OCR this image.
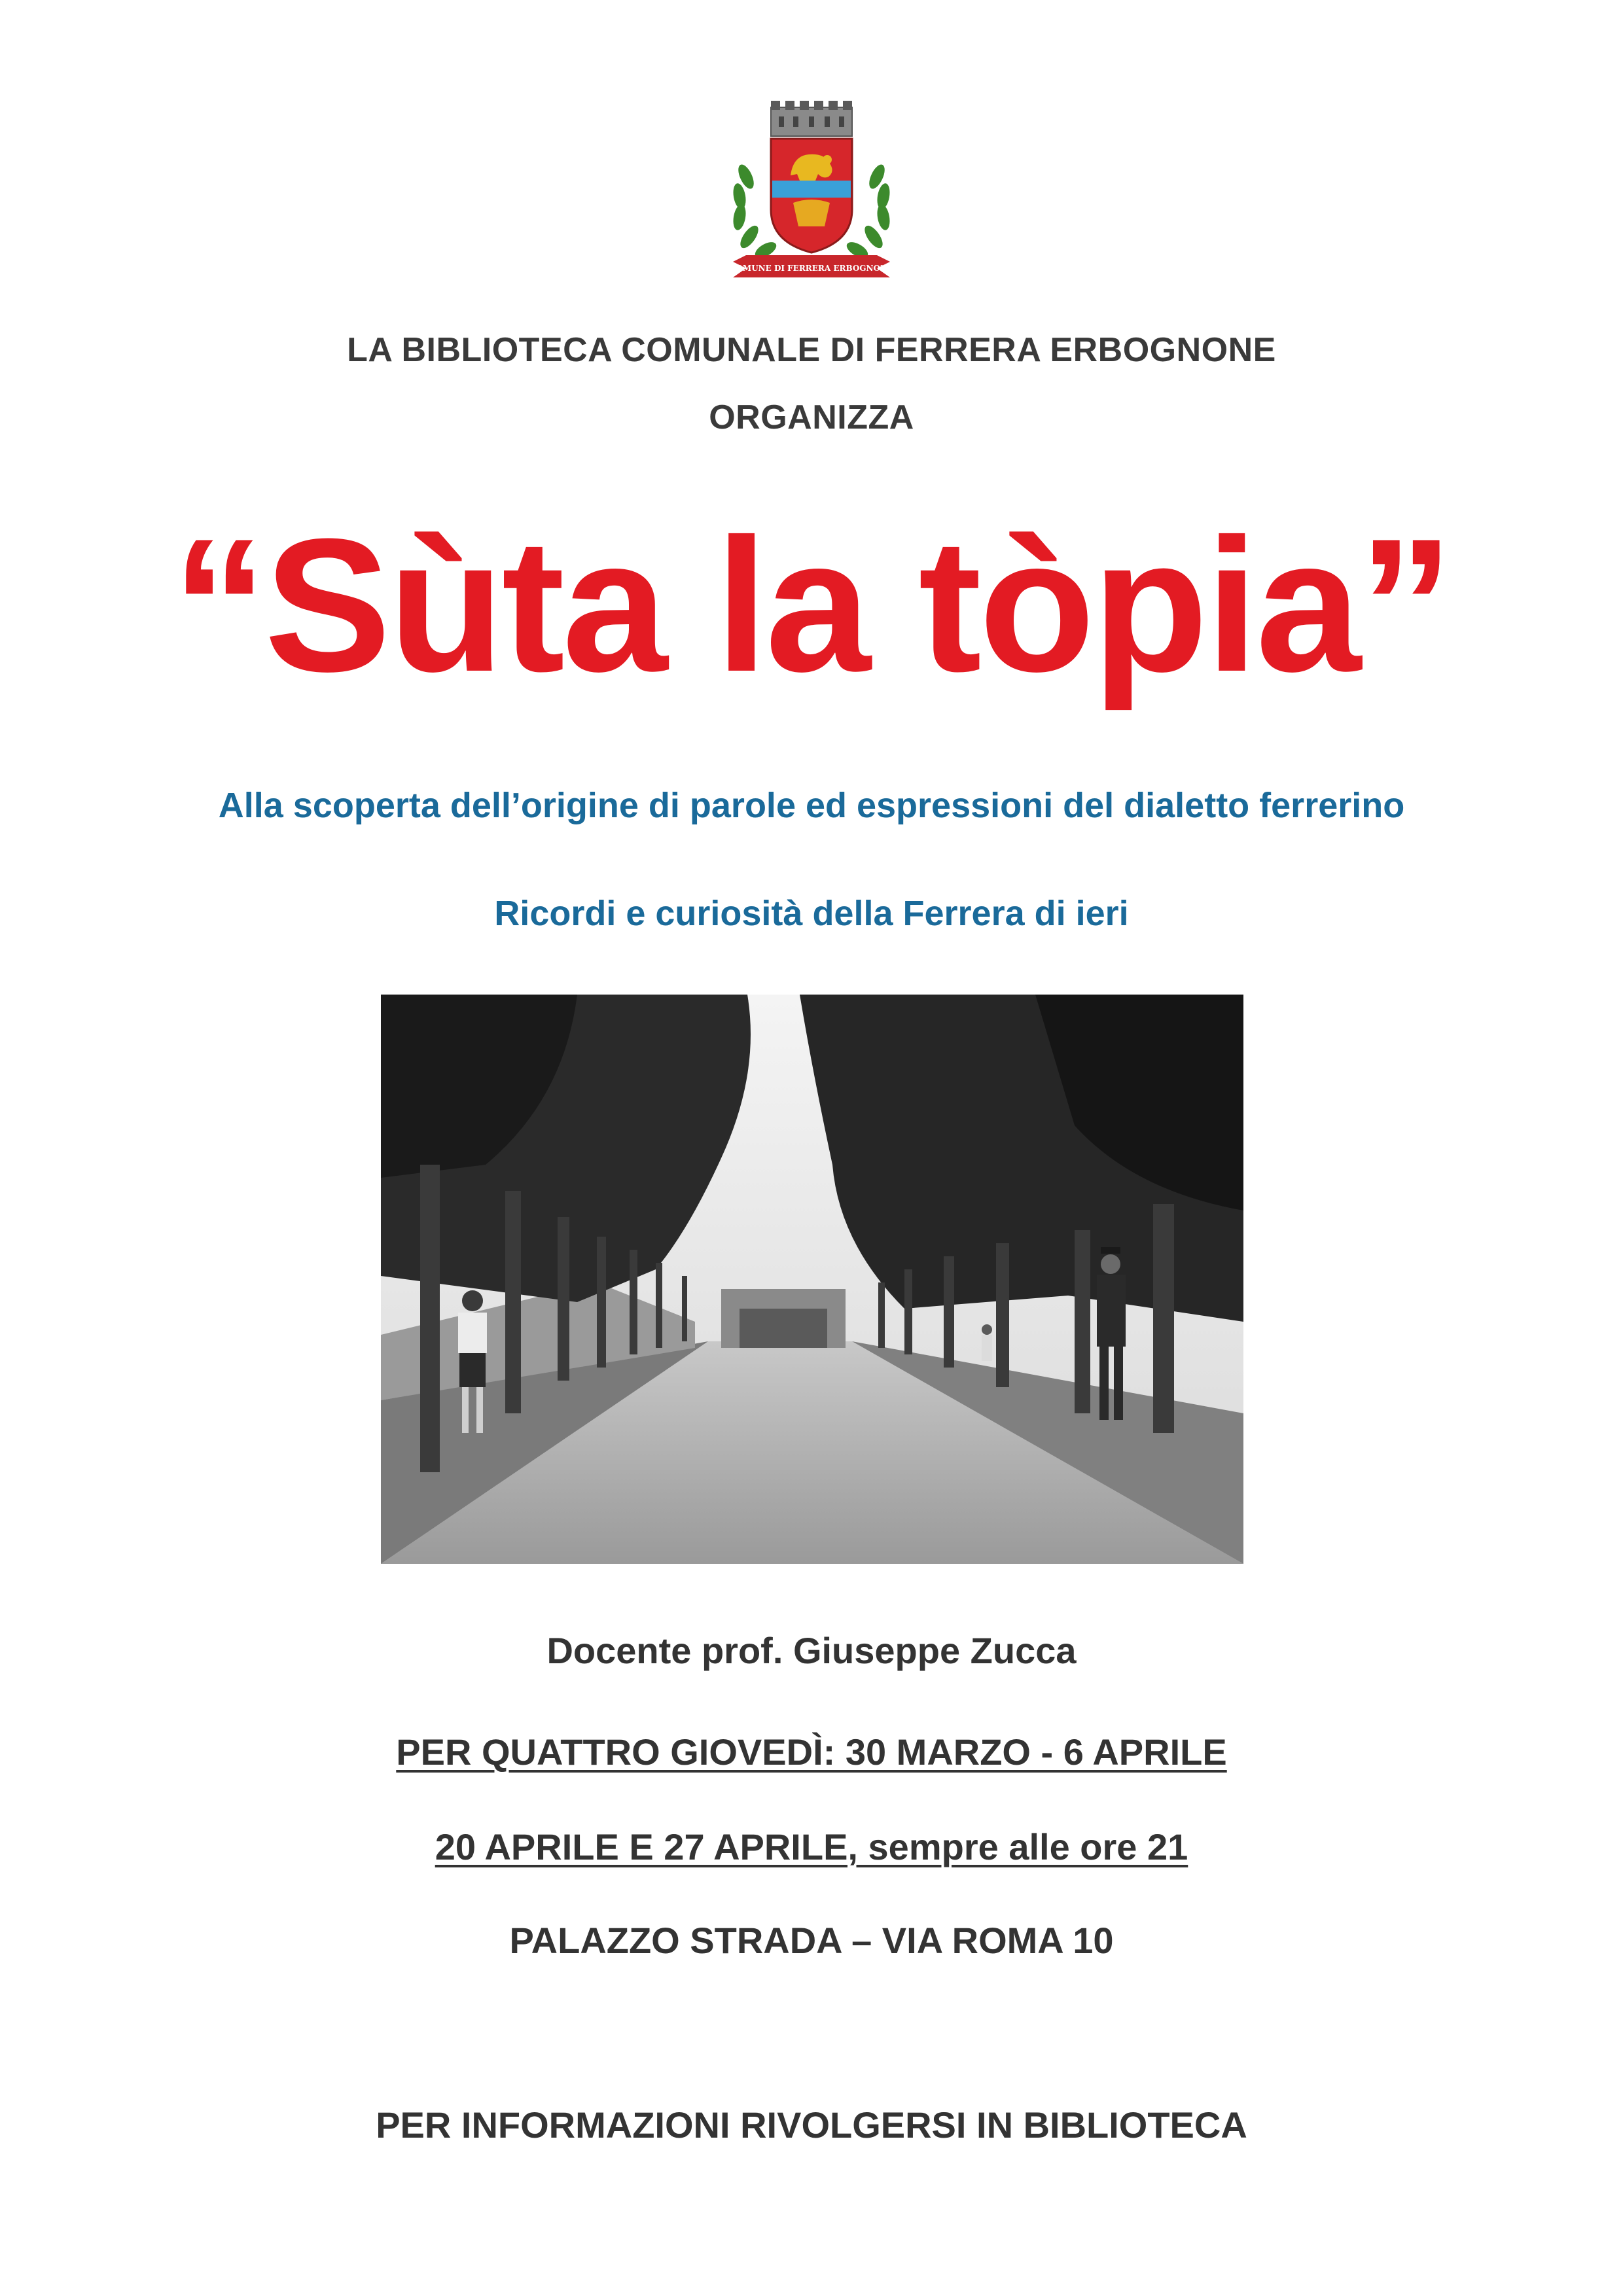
COMUNE DI FERRERA ERBOGNONE
LA BIBLIOTECA COMUNALE DI FERRERA ERBOGNONE
ORGANIZZA
“Sùta la tòpia”
Alla scoperta dell’origine di parole ed espressioni del dialetto ferrerino
Ricordi e curiosità della Ferrera di ieri
Docente prof. Giuseppe Zucca
PER QUATTRO GIOVEDÌ: 30 MARZO - 6 APRILE
20 APRILE E 27 APRILE, sempre alle ore 21
PALAZZO STRADA – VIA ROMA 10
PER INFORMAZIONI RIVOLGERSI IN BIBLIOTECA
